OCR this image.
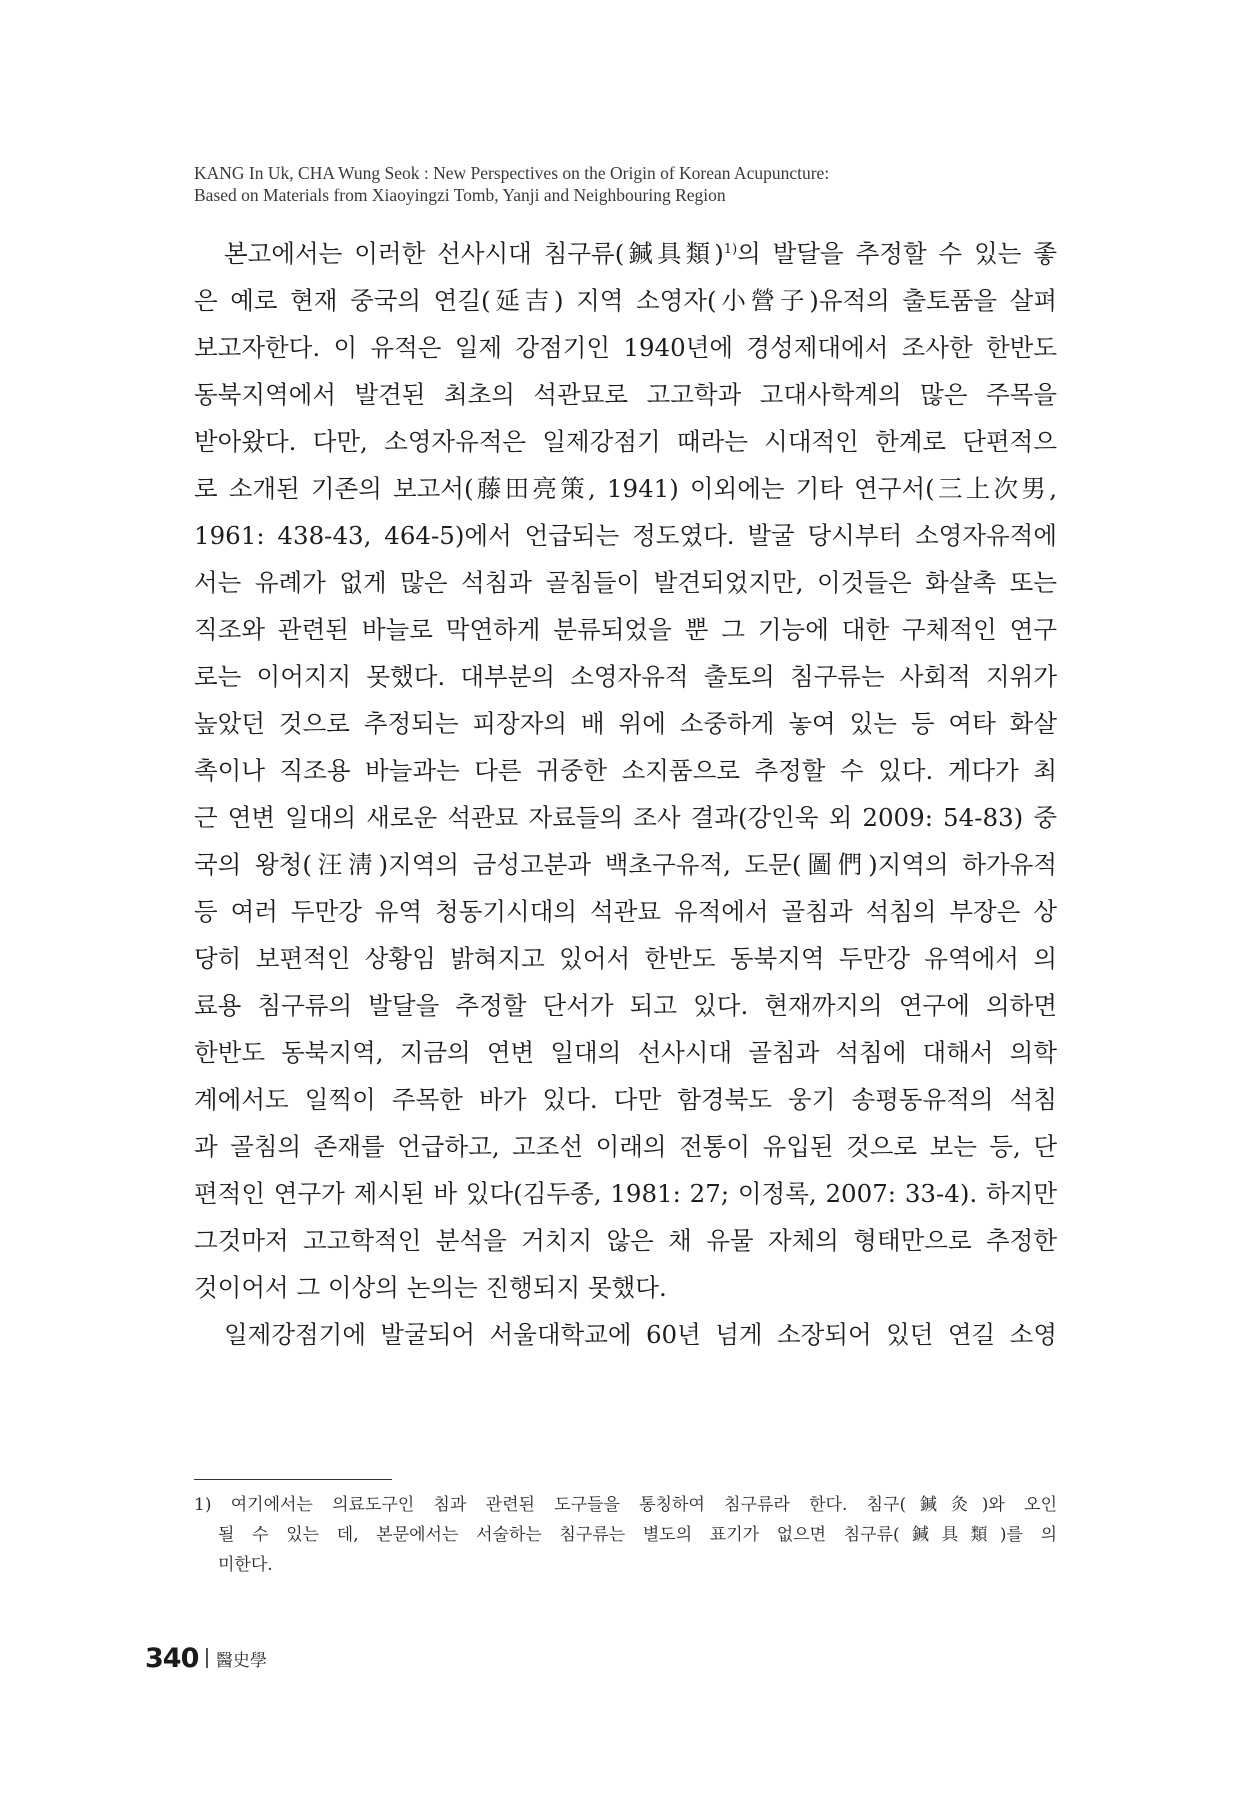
KANG In Uk, CHA Wung Seok : New Perspectives on the Origin of Korean Acupuncture:
Based on Materials from Xiaoyingzi Tomb, Yanji and Neighbouring Region
본고에서는 이러한 선사시대 침구류(鍼具類)$^{1)}$의 발달을 추정할 수 있는 좋
은 예로 현재 중국의 연길(延吉) 지역 소영자(小營子)유적의 출토품을 살펴
보고자한다. 이 유적은 일제 강점기인 1940년에 경성제대에서 조사한 한반도
동북지역에서 발견된 최초의 석관묘로 고고학과 고대사학계의 많은 주목을
받아왔다. 다만, 소영자유적은 일제강점기 때라는 시대적인 한계로 단편적으
로 소개된 기존의 보고서(藤田亮策, 1941) 이외에는 기타 연구서(三上次男,
1961: 438-43, 464-5)에서 언급되는 정도였다. 발굴 당시부터 소영자유적에
서는 유례가 없게 많은 석침과 골침들이 발견되었지만, 이것들은 화살촉 또는
직조와 관련된 바늘로 막연하게 분류되었을 뿐 그 기능에 대한 구체적인 연구
로는 이어지지 못했다. 대부분의 소영자유적 출토의 침구류는 사회적 지위가
높았던 것으로 추정되는 피장자의 배 위에 소중하게 놓여 있는 등 여타 화살
촉이나 직조용 바늘과는 다른 귀중한 소지품으로 추정할 수 있다. 게다가 최
근 연변 일대의 새로운 석관묘 자료들의 조사 결과(강인욱 외 2009: 54-83) 중
국의 왕청(汪淸)지역의 금성고분과 백초구유적, 도문(圖們)지역의 하가유적
등 여러 두만강 유역 청동기시대의 석관묘 유적에서 골침과 석침의 부장은 상
당히 보편적인 상황임 밝혀지고 있어서 한반도 동북지역 두만강 유역에서 의
료용 침구류의 발달을 추정할 단서가 되고 있다. 현재까지의 연구에 의하면
한반도 동북지역, 지금의 연변 일대의 선사시대 골침과 석침에 대해서 의학
계에서도 일찍이 주목한 바가 있다. 다만 함경북도 웅기 송평동유적의 석침
과 골침의 존재를 언급하고, 고조선 이래의 전통이 유입된 것으로 보는 등, 단
편적인 연구가 제시된 바 있다(김두종, 1981: 27; 이정록, 2007: 33-4). 하지만
그것마저 고고학적인 분석을 거치지 않은 채 유물 자체의 형태만으로 추정한
것이어서 그 이상의 논의는 진행되지 못했다.
일제강점기에 발굴되어 서울대학교에 60년 넘게 소장되어 있던 연길 소영
1) 여기에서는 의료도구인 침과 관련된 도구들을 통칭하여 침구류라 한다. 침구(鍼灸)와 오인
될 수 있는 데, 본문에서는 서술하는 침구류는 별도의 표기가 없으면 침구류(鍼具類)를 의
미한다.
340 醫史學
